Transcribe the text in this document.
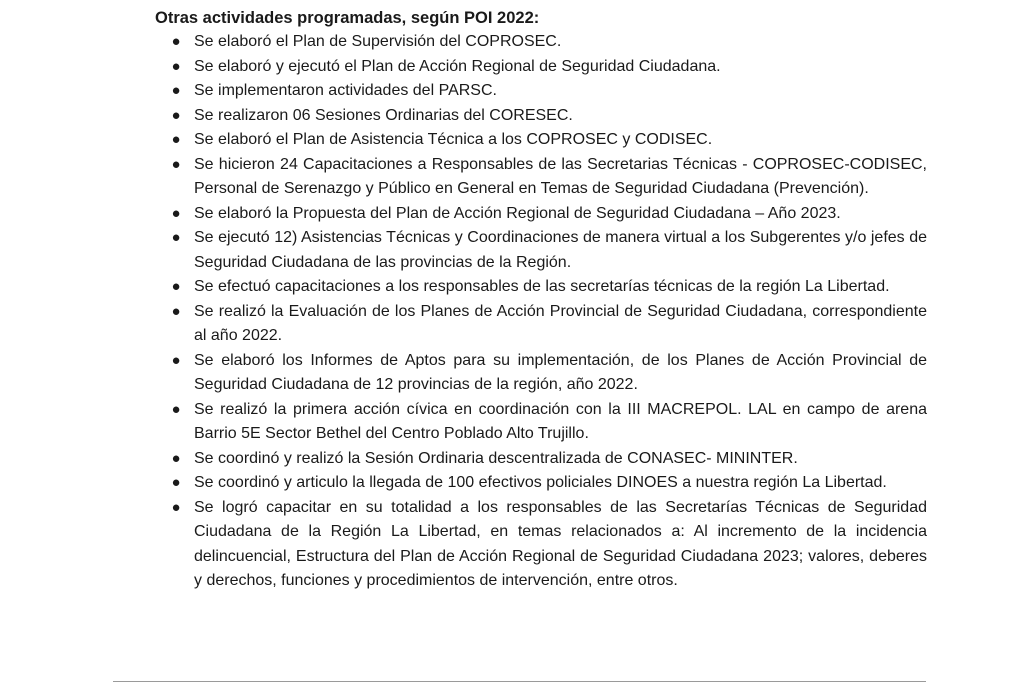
Otras actividades programadas, según POI 2022:
● Se elaboró el Plan de Supervisión del COPROSEC.
● Se elaboró y ejecutó el Plan de Acción Regional de Seguridad Ciudadana.
● Se implementaron actividades del PARSC.
● Se realizaron 06 Sesiones Ordinarias del CORESEC.
● Se elaboró el Plan de Asistencia Técnica a los COPROSEC y CODISEC.
● Se hicieron 24 Capacitaciones a Responsables de las Secretarias Técnicas - COPROSEC-CODISEC, Personal de Serenazgo y Público en General en Temas de Seguridad Ciudadana (Prevención).
● Se elaboró la Propuesta del Plan de Acción Regional de Seguridad Ciudadana – Año 2023.
● Se ejecutó 12) Asistencias Técnicas y Coordinaciones de manera virtual a los Subgerentes y/o jefes de Seguridad Ciudadana de las provincias de la Región.
● Se efectuó capacitaciones a los responsables de las secretarías técnicas de la región La Libertad.
● Se realizó la Evaluación de los Planes de Acción Provincial de Seguridad Ciudadana, correspondiente al año 2022.
● Se elaboró los Informes de Aptos para su implementación, de los Planes de Acción Provincial de Seguridad Ciudadana de 12 provincias de la región, año 2022.
● Se realizó la primera acción cívica en coordinación con la III MACREPOL. LAL en campo de arena Barrio 5E Sector Bethel del Centro Poblado Alto Trujillo.
● Se coordinó y realizó la Sesión Ordinaria descentralizada de CONASEC- MININTER.
● Se coordinó y articulo la llegada de 100 efectivos policiales DINOES a nuestra región La Libertad.
● Se logró capacitar en su totalidad a los responsables de las Secretarías Técnicas de Seguridad Ciudadana de la Región La Libertad, en temas relacionados a: Al incremento de la incidencia delincuencial, Estructura del Plan de Acción Regional de Seguridad Ciudadana 2023; valores, deberes y derechos, funciones y procedimientos de intervención, entre otros.
